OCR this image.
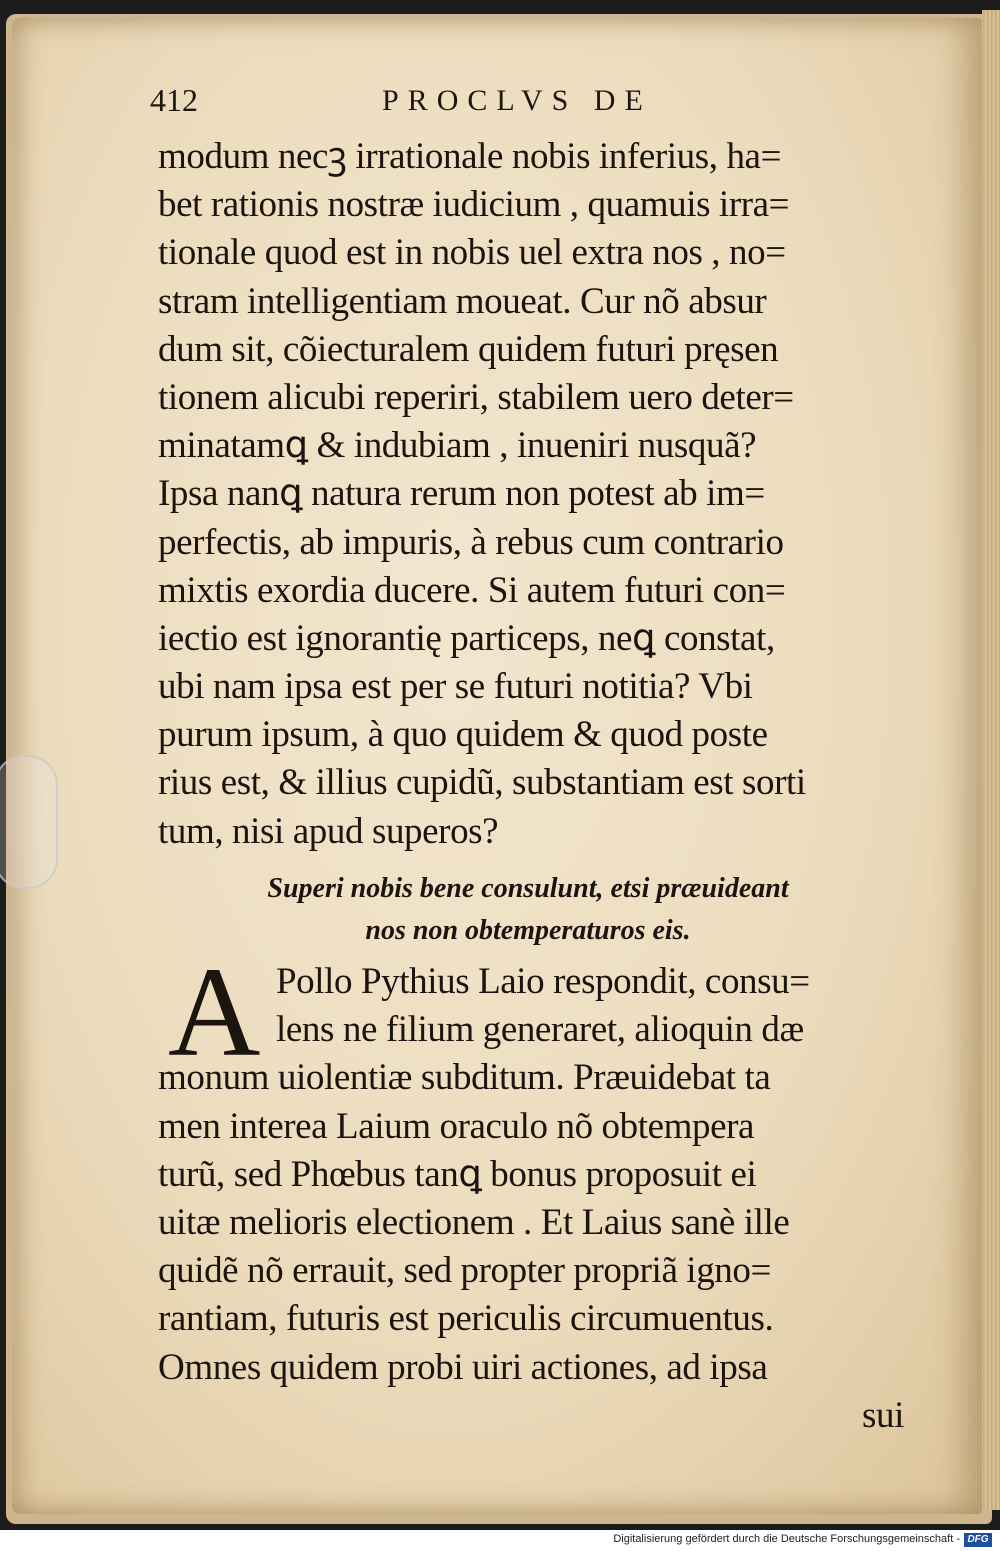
412	PROCLVS DE
modum necꝫ irrationale nobis inferius, ha=
bet rationis nostræ iudicium , quamuis irra=
tionale quod est in nobis uel extra nos , no=
stram intelligentiam moueat. Cur nõ absur
dum sit, cõiecturalem quidem futuri pręsen
tionem alicubi reperiri, stabilem uero deter=
minatamꝗ & indubiam , inueniri nusquã?
Ipsa nanꝗ natura rerum non potest ab im=
perfectis, ab impuris, à rebus cum contrario
mixtis exordia ducere. Si autem futuri con=
iectio est ignorantię particeps, neꝗ constat,
ubi nam ipsa est per se futuri notitia? Vbi
purum ipsum, à quo quidem & quod poste
rius est, & illius cupidũ, substantiam est sorti
tum, nisi apud superos?
Superi nobis bene consulunt, etsi præuideant
nos non obtemperaturos eis.
A Pollo Pythius Laio respondit, consu=
lens ne filium generaret, alioquin dæ
monum uiolentiæ subditum. Præuidebat ta
men interea Laium oraculo nõ obtempera
turũ, sed Phœbus tanꝗ bonus proposuit ei
uitæ melioris electionem . Et Laius sanè ille
quidẽ nõ errauit, sed propter propriã igno=
rantiam, futuris est periculis circumuentus.
Omnes quidem probi uiri actiones, ad ipsa
sui
Digitalisierung gefördert durch die Deutsche Forschungsgemeinschaft - DFG
